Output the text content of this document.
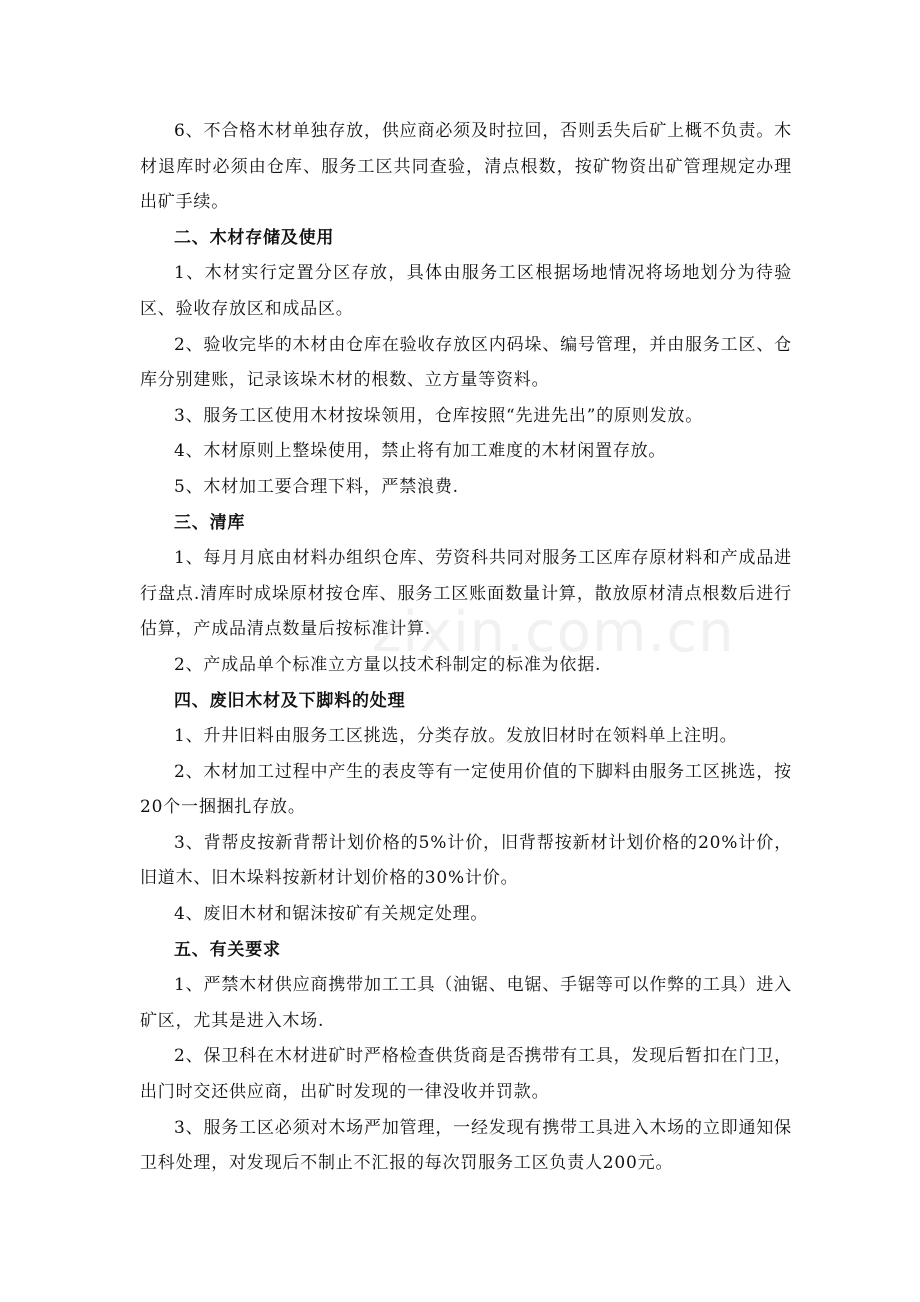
6、不合格木材单独存放，供应商必须及时拉回，否则丢失后矿上概不负责。木材退库时必须由仓库、服务工区共同查验，清点根数，按矿物资出矿管理规定办理出矿手续。

二、木材存储及使用

1、木材实行定置分区存放，具体由服务工区根据场地情况将场地划分为待验区、验收存放区和成品区。

2、验收完毕的木材由仓库在验收存放区内码垛、编号管理，并由服务工区、仓库分别建账，记录该垛木材的根数、立方量等资料。

3、服务工区使用木材按垛领用，仓库按照“先进先出”的原则发放。

4、木材原则上整垛使用，禁止将有加工难度的木材闲置存放。

5、木材加工要合理下料，严禁浪费.

三、清库

1、每月月底由材料办组织仓库、劳资科共同对服务工区库存原材料和产成品进行盘点.清库时成垛原材按仓库、服务工区账面数量计算，散放原材清点根数后进行估算，产成品清点数量后按标准计算.

2、产成品单个标准立方量以技术科制定的标准为依据.

四、废旧木材及下脚料的处理

1、升井旧料由服务工区挑选，分类存放。发放旧材时在领料单上注明。

2、木材加工过程中产生的表皮等有一定使用价值的下脚料由服务工区挑选，按20个一捆捆扎存放。

3、背帮皮按新背帮计划价格的5%计价，旧背帮按新材计划价格的20%计价，旧道木、旧木垛料按新材计划价格的30%计价。

4、废旧木材和锯沫按矿有关规定处理。

五、有关要求

1、严禁木材供应商携带加工工具（油锯、电锯、手锯等可以作弊的工具）进入矿区，尤其是进入木场.

2、保卫科在木材进矿时严格检查供货商是否携带有工具，发现后暂扣在门卫，出门时交还供应商，出矿时发现的一律没收并罚款。

3、服务工区必须对木场严加管理，一经发现有携带工具进入木场的立即通知保卫科处理，对发现后不制止不汇报的每次罚服务工区负责人200元。

zixin.com.cn
